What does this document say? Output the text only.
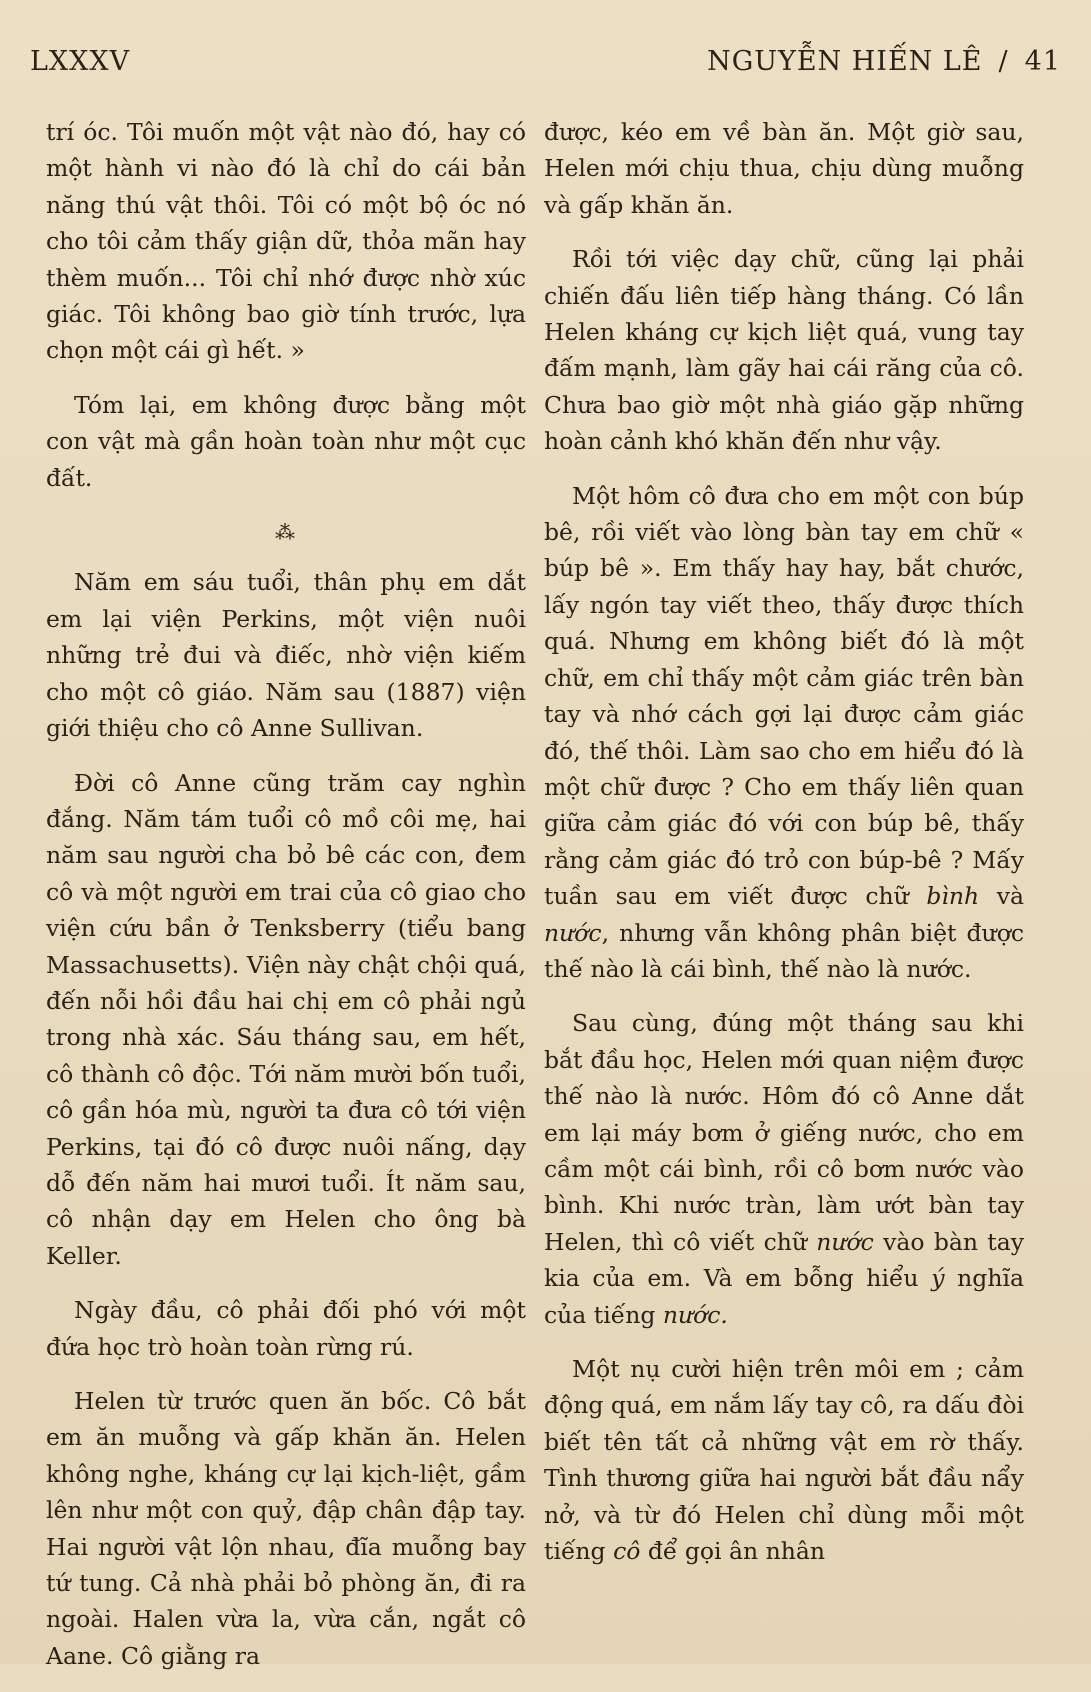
LXXXV	NGUYỄN HIẾN LÊ / 41

trí óc. Tôi muốn một vật nào đó, hay có một hành vi nào đó là chỉ do cái bản năng thú vật thôi. Tôi có một bộ óc nó cho tôi cảm thấy giận dữ, thỏa mãn hay thèm muốn... Tôi chỉ nhớ được nhờ xúc giác. Tôi không bao giờ tính trước, lựa chọn một cái gì hết. »

Tóm lại, em không được bằng một con vật mà gần hoàn toàn như một cục đất.

⁂

Năm em sáu tuổi, thân phụ em dắt em lại viện Perkins, một viện nuôi những trẻ đui và điếc, nhờ viện kiếm cho một cô giáo. Năm sau (1887) viện giới thiệu cho cô Anne Sullivan.

Đời cô Anne cũng trăm cay nghìn đắng. Năm tám tuổi cô mồ côi mẹ, hai năm sau người cha bỏ bê các con, đem cô và một người em trai của cô giao cho viện cứu bần ở Tenksberry (tiểu bang Massachusetts). Viện này chật chội quá, đến nỗi hồi đầu hai chị em cô phải ngủ trong nhà xác. Sáu tháng sau, em hết, cô thành cô độc. Tới năm mười bốn tuổi, cô gần hóa mù, người ta đưa cô tới viện Perkins, tại đó cô được nuôi nấng, dạy dỗ đến năm hai mươi tuổi. Ít năm sau, cô nhận dạy em Helen cho ông bà Keller.

Ngày đầu, cô phải đối phó với một đứa học trò hoàn toàn rừng rú.

Helen từ trước quen ăn bốc. Cô bắt em ăn muỗng và gấp khăn ăn. Helen không nghe, kháng cự lại kịch-liệt, gầm lên như một con quỷ, đập chân đập tay. Hai người vật lộn nhau, đĩa muỗng bay tứ tung. Cả nhà phải bỏ phòng ăn, đi ra ngoài. Halen vừa la, vừa cắn, ngắt cô Aane. Cô giằng ra

được, kéo em về bàn ăn. Một giờ sau, Helen mới chịu thua, chịu dùng muỗng và gấp khăn ăn.

Rồi tới việc dạy chữ, cũng lại phải chiến đấu liên tiếp hàng tháng. Có lần Helen kháng cự kịch liệt quá, vung tay đấm mạnh, làm gãy hai cái răng của cô. Chưa bao giờ một nhà giáo gặp những hoàn cảnh khó khăn đến như vậy.

Một hôm cô đưa cho em một con búp bê, rồi viết vào lòng bàn tay em chữ « búp bê ». Em thấy hay hay, bắt chước, lấy ngón tay viết theo, thấy được thích quá. Nhưng em không biết đó là một chữ, em chỉ thấy một cảm giác trên bàn tay và nhớ cách gợi lại được cảm giác đó, thế thôi. Làm sao cho em hiểu đó là một chữ được ? Cho em thấy liên quan giữa cảm giác đó với con búp bê, thấy rằng cảm giác đó trỏ con búp-bê ? Mấy tuần sau em viết được chữ bình và nước, nhưng vẫn không phân biệt được thế nào là cái bình, thế nào là nước.

Sau cùng, đúng một tháng sau khi bắt đầu học, Helen mới quan niệm được thế nào là nước. Hôm đó cô Anne dắt em lại máy bơm ở giếng nước, cho em cầm một cái bình, rồi cô bơm nước vào bình. Khi nước tràn, làm ướt bàn tay Helen, thì cô viết chữ nước vào bàn tay kia của em. Và em bỗng hiểu ý nghĩa của tiếng nước.

Một nụ cười hiện trên môi em ; cảm động quá, em nắm lấy tay cô, ra dấu đòi biết tên tất cả những vật em rờ thấy. Tình thương giữa hai người bắt đầu nẩy nở, và từ đó Helen chỉ dùng mỗi một tiếng cô để gọi ân nhân
